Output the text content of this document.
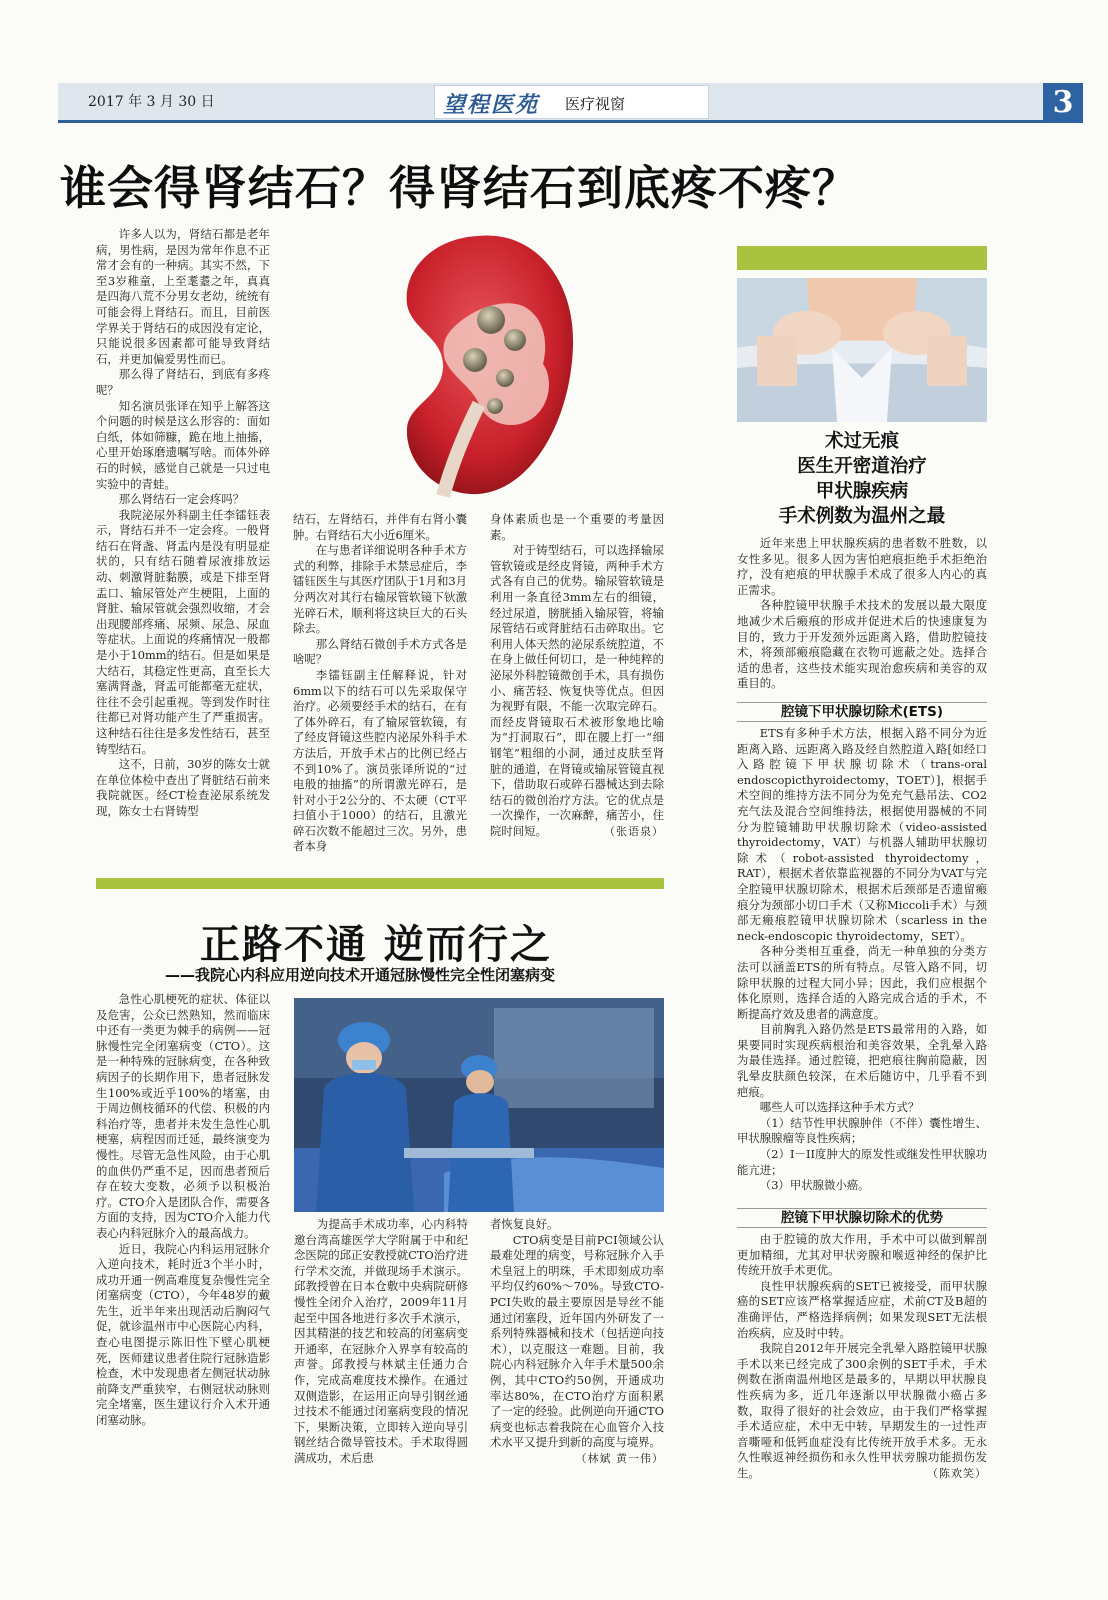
2017 年 3 月 30 日	望程医苑 医疗视窗	3
谁会得肾结石？得肾结石到底疼不疼？

许多人以为，肾结石都是老年病，男性病，是因为常年作息不正常才会有的一种病。其实不然，下至3岁稚童，上至耄耋之年，真真是四海八荒不分男女老幼，统统有可能会得上肾结石。而且，目前医学界关于肾结石的成因没有定论，只能说很多因素都可能导致肾结石，并更加偏爱男性而已。

那么得了肾结石，到底有多疼呢？

知名演员张译在知乎上解答这个问题的时候是这么形容的：面如白纸，体如筛糠，跪在地上抽搐，心里开始琢磨遗嘱写啥。而体外碎石的时候，感觉自己就是一只过电实验中的青蛙。

那么肾结石一定会疼吗？

我院泌尿外科副主任李镭钰表示，肾结石并不一定会疼。一般肾结石在肾盏、肾盂内是没有明显症状的，只有结石随着尿液排放运动、刺激肾脏黏膜，或是下排至肾盂口、输尿管处产生梗阻，上面的肾脏、输尿管就会强烈收缩，才会出现腰部疼痛、尿频、尿急、尿血等症状。上面说的疼痛情况一般都是小于10mm的结石。但是如果是大结石，其稳定性更高，直至长大塞满肾盏，肾盂可能都毫无症状，往往不会引起重视。等到发作时往往都已对肾功能产生了严重损害。这种结石往往是多发性结石，甚至铸型结石。

这不，日前，30岁的陈女士就在单位体检中查出了肾脏结石前来我院就医。经CT检查泌尿系统发现，陈女士右肾铸型

结石，左肾结石，并伴有右肾小囊肿。右肾结石大小近6厘米。

在与患者详细说明各种手术方式的利弊，排除手术禁忌症后，李镭钰医生与其医疗团队于1月和3月分两次对其行右输尿管软镜下钬激光碎石术，顺利将这块巨大的石头除去。

那么肾结石微创手术方式各是啥呢？

李镭钰副主任解释说，针对6mm以下的结石可以先采取保守治疗。必须要经手术的结石，在有了体外碎石，有了输尿管软镜，有了经皮肾镜这些腔内泌尿外科手术方法后，开放手术占的比例已经占不到10%了。演员张译所说的“过电般的抽搐”的所谓激光碎石，是针对小于2公分的、不太硬（CT平扫值小于1000）的结石，且激光碎石次数不能超过三次。另外，患者本身

身体素质也是一个重要的考量因素。

对于铸型结石，可以选择输尿管软镜或是经皮肾镜，两种手术方式各有自己的优势。输尿管软镜是利用一条直径3mm左右的细镜，经过尿道，膀胱插入输尿管，将输尿管结石或肾脏结石击碎取出。它利用人体天然的泌尿系统腔道，不在身上做任何切口，是一种纯粹的泌尿外科腔镜微创手术，具有损伤小、痛苦轻、恢复快等优点。但因为视野有限，不能一次取完碎石。而经皮肾镜取石术被形象地比喻为“打洞取石”，即在腰上打一“细钢笔”粗细的小洞，通过皮肤至肾脏的通道，在肾镜或输尿管镜直视下，借助取石或碎石器械达到去除结石的微创治疗方法。它的优点是一次操作，一次麻醉，痛苦小，住院时间短。	（张语泉）

正路不通 逆而行之
——我院心内科应用逆向技术开通冠脉慢性完全性闭塞病变

急性心肌梗死的症状、体征以及危害，公众已然熟知，然而临床中还有一类更为棘手的病例——冠脉慢性完全闭塞病变（CTO）。这是一种特殊的冠脉病变，在各种致病因子的长期作用下，患者冠脉发生100%或近乎100%的堵塞，由于周边侧枝循环的代偿、积极的内科治疗等，患者并未发生急性心肌梗塞，病程因而迁延，最终演变为慢性。尽管无急性风险，由于心肌的血供仍严重不足，因而患者预后存在较大变数，必须予以积极治疗。CTO介入是团队合作，需要各方面的支持，因为CTO介入能力代表心内科冠脉介入的最高战力。

近日，我院心内科运用冠脉介入逆向技术，耗时近3个半小时，成功开通一例高难度复杂慢性完全闭塞病变（CTO），今年48岁的戴先生，近半年来出现活动后胸闷气促，就诊温州市中心医院心内科，查心电图提示陈旧性下壁心肌梗死，医师建议患者住院行冠脉造影检查，术中发现患者左侧冠状动脉前降支严重狭窄，右侧冠状动脉则完全堵塞，医生建议行介入术开通闭塞动脉。

为提高手术成功率，心内科特邀台湾高雄医学大学附属于中和纪念医院的邱正安教授就CTO治疗进行学术交流，并做现场手术演示。邱教授曾在日本仓敷中央病院研修慢性全闭介入治疗，2009年11月起至中国各地进行多次手术演示，因其精湛的技艺和较高的闭塞病变开通率，在冠脉介入界享有较高的声誉。邱教授与林斌主任通力合作，完成高难度技术操作。在通过双侧造影，在运用正向导引钢丝通过技术不能通过闭塞病变段的情况下，果断决策，立即转入逆向导引钢丝结合微导管技术。手术取得圆满成功，术后患

者恢复良好。

CTO病变是目前PCI领域公认最难处理的病变，号称冠脉介入手术皇冠上的明珠，手术即刻成功率平均仅约60%～70%。导致CTO-PCI失败的最主要原因是导丝不能通过闭塞段，近年国内外研发了一系列特殊器械和技术（包括逆向技术），以克服这一难题。目前，我院心内科冠脉介入年手术量500余例，其中CTO约50例，开通成功率达80%，在CTO治疗方面积累了一定的经验。此例逆向开通CTO病变也标志着我院在心血管介入技术水平又提升到新的高度与境界。
（林斌 黄一伟）

术过无痕
医生开密道治疗
甲状腺疾病
手术例数为温州之最

近年来患上甲状腺疾病的患者数不胜数，以女性多见。很多人因为害怕疤痕拒绝手术拒绝治疗，没有疤痕的甲状腺手术成了很多人内心的真正需求。

各种腔镜甲状腺手术技术的发展以最大限度地减少术后瘢痕的形成并促进术后的快速康复为目的，致力于开发颈外远距离入路，借助腔镜技术，将颈部瘢痕隐藏在衣物可遮蔽之处。选择合适的患者，这些技术能实现治愈疾病和美容的双重目的。

腔镜下甲状腺切除术(ETS)

ETS有多种手术方法，根据入路不同分为近距离入路、远距离入路及经自然腔道入路[如经口入路腔镜下甲状腺切除术（trans-oral endoscopicthyroidectomy，TOET）]，根据手术空间的维持方法不同分为免充气悬吊法、CO2充气法及混合空间维持法，根据使用器械的不同分为腔镜辅助甲状腺切除术（video-assisted thyroidectomy，VAT）与机器人辅助甲状腺切除术（robot-assisted thyroidectomy，RAT），根据术者依靠监视器的不同分为VAT与完全腔镜甲状腺切除术，根据术后颈部是否遗留瘢痕分为颈部小切口手术（又称Miccoli手术）与颈部无瘢痕腔镜甲状腺切除术（scarless in the neck-endoscopic thyroidectomy，SET）。

各种分类相互重叠，尚无一种单独的分类方法可以涵盖ETS的所有特点。尽管入路不同，切除甲状腺的过程大同小异；因此，我们应根据个体化原则，选择合适的入路完成合适的手术，不断提高疗效及患者的满意度。

目前胸乳入路仍然是ETS最常用的入路，如果要同时实现疾病根治和美容效果，全乳晕入路为最佳选择。通过腔镜，把疤痕往胸前隐蔽，因乳晕皮肤颜色较深，在术后随访中，几乎看不到疤痕。

哪些人可以选择这种手术方式？

（1）结节性甲状腺肿伴（不伴）囊性增生、甲状腺腺瘤等良性疾病；

（2）I－II度肿大的原发性或继发性甲状腺功能亢进；

（3）甲状腺微小癌。

腔镜下甲状腺切除术的优势

由于腔镜的放大作用，手术中可以做到解剖更加精细，尤其对甲状旁腺和喉返神经的保护比传统开放手术更优。

良性甲状腺疾病的SET已被接受，而甲状腺癌的SET应该严格掌握适应症，术前CT及B超的准确评估，严格选择病例；如果发现SET无法根治疾病，应及时中转。

我院自2012年开展完全乳晕入路腔镜甲状腺手术以来已经完成了300余例的SET手术，手术例数在浙南温州地区是最多的，早期以甲状腺良性疾病为多，近几年逐渐以甲状腺微小癌占多数，取得了很好的社会效应，由于我们严格掌握手术适应症，术中无中转，早期发生的一过性声音嘶哑和低钙血症没有比传统开放手术多。无永久性喉返神经损伤和永久性甲状旁腺功能损伤发生。	（陈欢笑）
